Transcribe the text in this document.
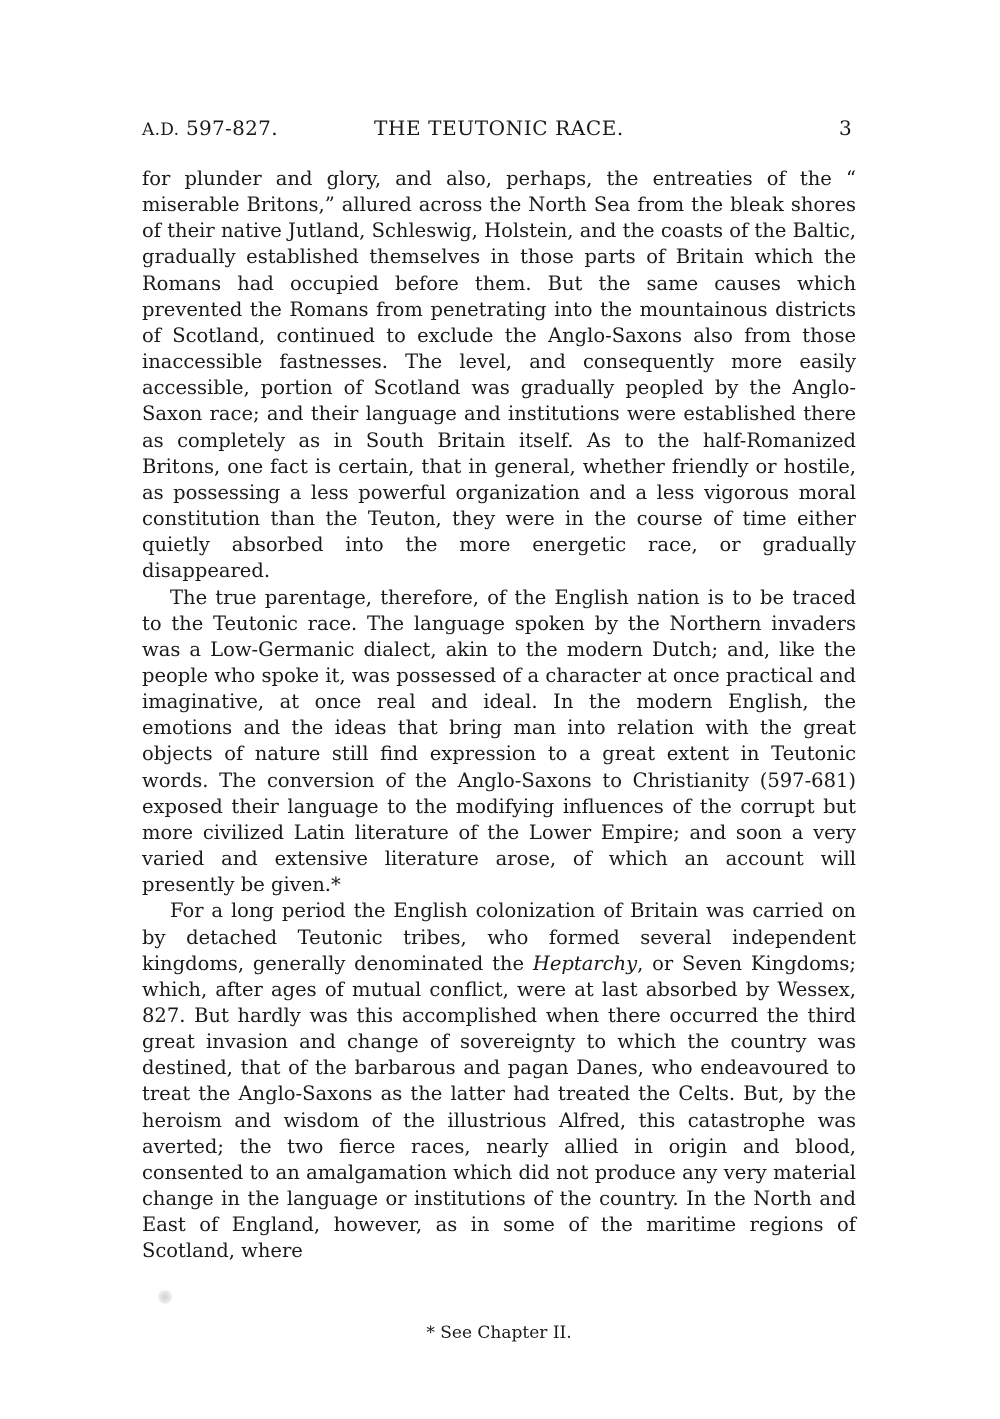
A.D. 597-827.	THE TEUTONIC RACE.	3

for plunder and glory, and also, perhaps, the entreaties of the “ miserable Britons,” allured across the North Sea from the bleak shores of their native Jutland, Schleswig, Holstein, and the coasts of the Baltic, gradually established themselves in those parts of Britain which the Romans had occupied before them. But the same causes which prevented the Romans from penetrating into the mountainous districts of Scotland, continued to exclude the Anglo-Saxons also from those inaccessible fastnesses. The level, and consequently more easily accessible, portion of Scotland was gradually peopled by the Anglo-Saxon race; and their language and institutions were established there as completely as in South Britain itself. As to the half-Romanized Britons, one fact is certain, that in general, whether friendly or hostile, as possessing a less powerful organization and a less vigorous moral constitution than the Teuton, they were in the course of time either quietly absorbed into the more energetic race, or gradually disappeared.

The true parentage, therefore, of the English nation is to be traced to the Teutonic race. The language spoken by the Northern invaders was a Low-Germanic dialect, akin to the modern Dutch; and, like the people who spoke it, was possessed of a character at once practical and imaginative, at once real and ideal. In the modern English, the emotions and the ideas that bring man into relation with the great objects of nature still find expression to a great extent in Teutonic words. The conversion of the Anglo-Saxons to Christianity (597-681) exposed their language to the modifying influences of the corrupt but more civilized Latin literature of the Lower Empire; and soon a very varied and extensive literature arose, of which an account will presently be given.*

For a long period the English colonization of Britain was carried on by detached Teutonic tribes, who formed several independent kingdoms, generally denominated the Heptarchy, or Seven Kingdoms; which, after ages of mutual conflict, were at last absorbed by Wessex, 827. But hardly was this accomplished when there occurred the third great invasion and change of sovereignty to which the country was destined, that of the barbarous and pagan Danes, who endeavoured to treat the Anglo-Saxons as the latter had treated the Celts. But, by the heroism and wisdom of the illustrious Alfred, this catastrophe was averted; the two fierce races, nearly allied in origin and blood, consented to an amalgamation which did not produce any very material change in the language or institutions of the country. In the North and East of England, however, as in some of the maritime regions of Scotland, where

* See Chapter II.
